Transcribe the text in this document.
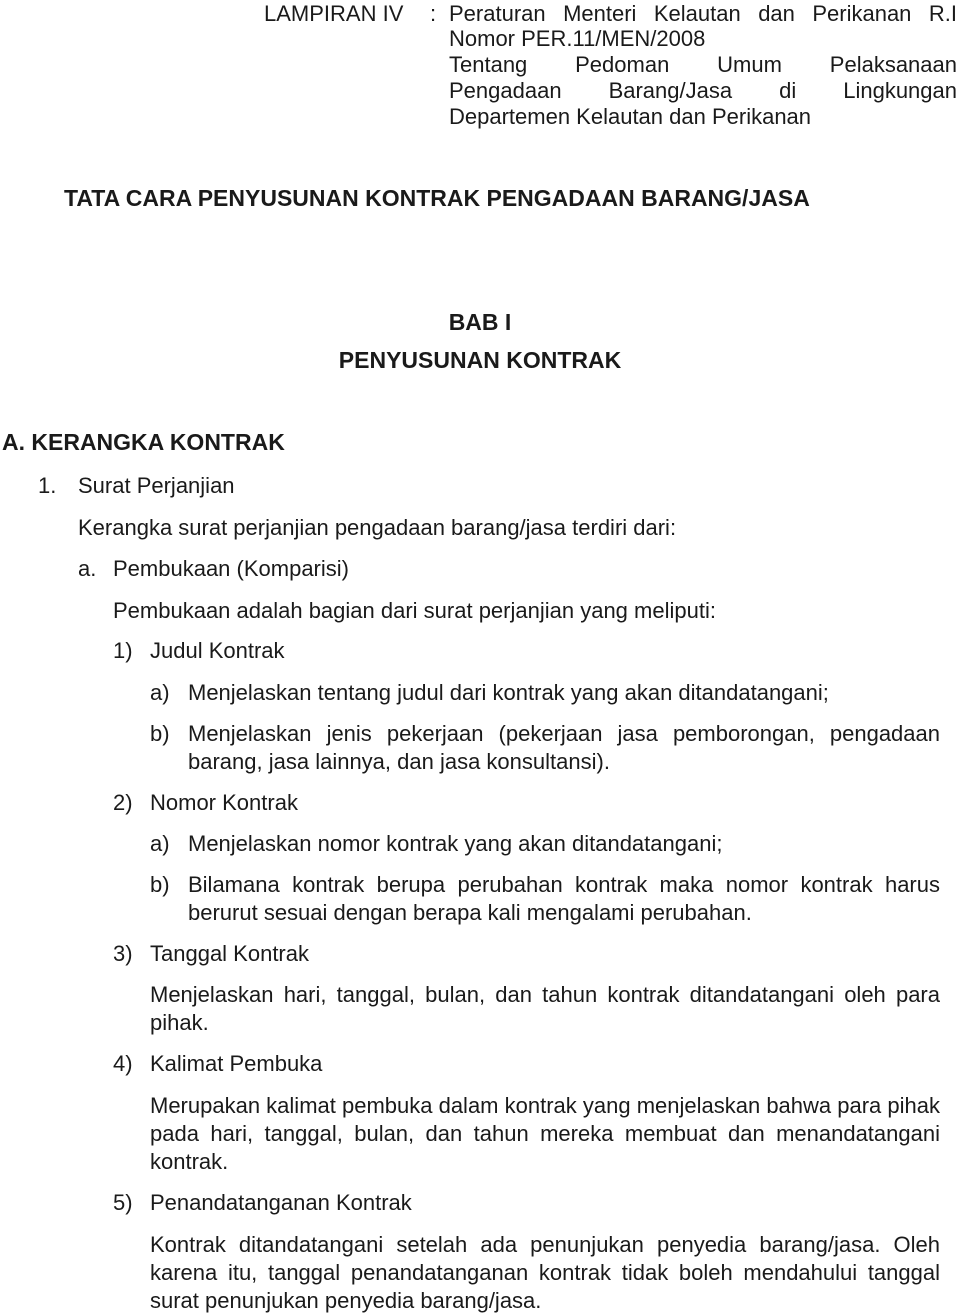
LAMPIRAN IV : Peraturan Menteri Kelautan dan Perikanan R.I
Nomor PER.11/MEN/2008
Tentang Pedoman Umum Pelaksanaan
Pengadaan Barang/Jasa di Lingkungan
Departemen Kelautan dan Perikanan
TATA CARA PENYUSUNAN KONTRAK PENGADAAN BARANG/JASA
BAB I
PENYUSUNAN KONTRAK
A. KERANGKA KONTRAK
1. Surat Perjanjian
Kerangka surat perjanjian pengadaan barang/jasa terdiri dari:
a. Pembukaan (Komparisi)
Pembukaan adalah bagian dari surat perjanjian yang meliputi:
1) Judul Kontrak
a) Menjelaskan tentang judul dari kontrak yang akan ditandatangani;
b) Menjelaskan jenis pekerjaan (pekerjaan jasa pemborongan, pengadaan barang, jasa lainnya, dan jasa konsultansi).
2) Nomor Kontrak
a) Menjelaskan nomor kontrak yang akan ditandatangani;
b) Bilamana kontrak berupa perubahan kontrak maka nomor kontrak harus berurut sesuai dengan berapa kali mengalami perubahan.
3) Tanggal Kontrak
Menjelaskan hari, tanggal, bulan, dan tahun kontrak ditandatangani oleh para pihak.
4) Kalimat Pembuka
Merupakan kalimat pembuka dalam kontrak yang menjelaskan bahwa para pihak pada hari, tanggal, bulan, dan tahun mereka membuat dan menandatangani kontrak.
5) Penandatanganan Kontrak
Kontrak ditandatangani setelah ada penunjukan penyedia barang/jasa. Oleh karena itu, tanggal penandatanganan kontrak tidak boleh mendahului tanggal surat penunjukan penyedia barang/jasa.
